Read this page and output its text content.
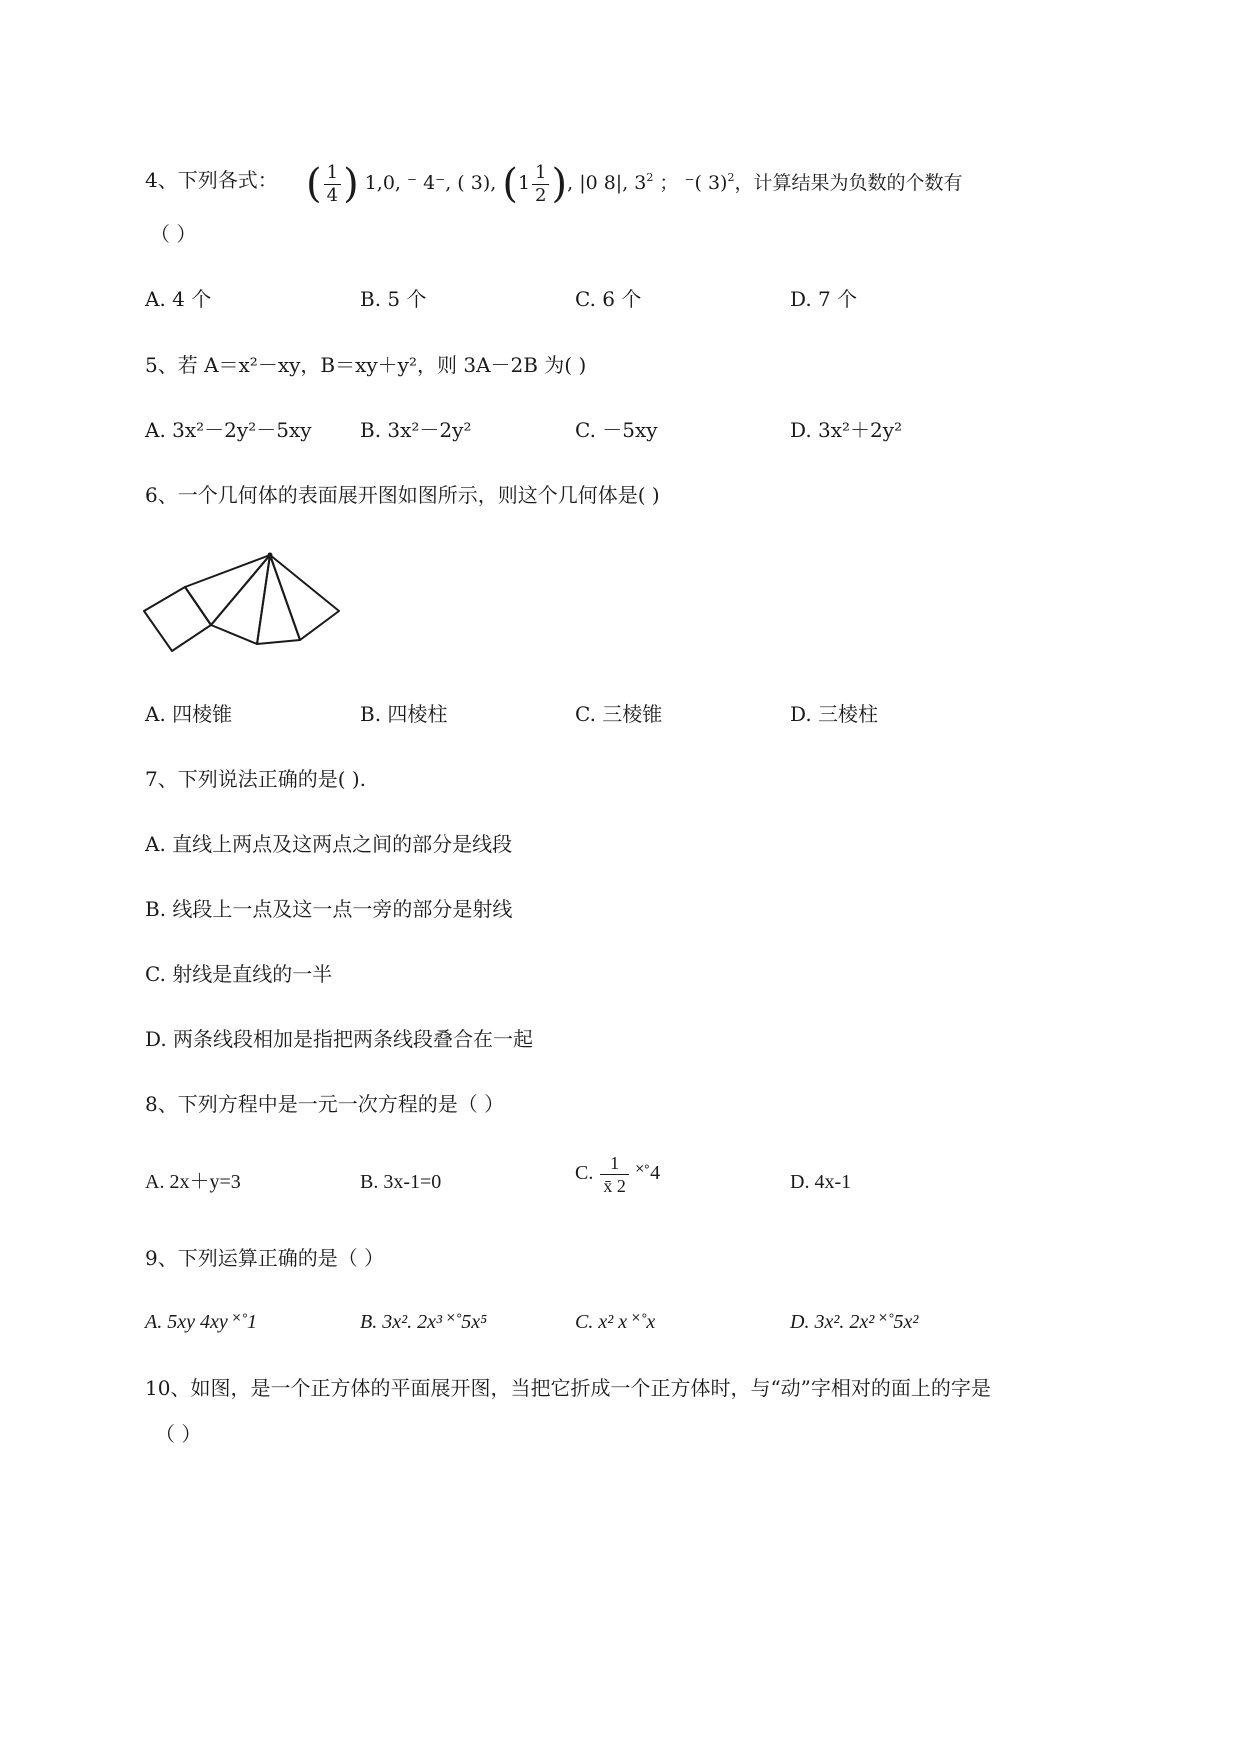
4、下列各式： ( $\frac{1}{4}$ ) 1,0, ⁻ 4⁻, ( 3), ($1 \frac{1}{2}$ ), |0 8|, $3^2$ ； ⁻( 3)$^2$，计算结果为负数的个数有
（ ）
A. 4 个	B. 5 个	C. 6 个	D. 7 个
5、若 A＝x²－xy，B＝xy＋y²，则 3A－2B 为( )
A. 3x²－2y²－5xy B. 3x²－2y²	C. －5xy	D. 3x²＋2y²
6、一个几何体的表面展开图如图所示，则这个几何体是( )
A. 四棱锥	B. 四棱柱	C. 三棱锥	D. 三棱柱
7、下列说法正确的是( ).
A. 直线上两点及这两点之间的部分是线段
B. 线段上一点及这一点一旁的部分是射线
C. 射线是直线的一半
D. 两条线段相加是指把两条线段叠合在一起
8、下列方程中是一元一次方程的是（ ）
A. 2x＋y=3	B. 3x-1=0	C. $\frac{1}{x̄ 2}$ ˟˚4	D. 4x-1
9、下列运算正确的是（ ）
A. 5xy 4xy ˟˚1	B. 3x². 2x³ ˟˚5x⁵	C. x² x ˟˚x	D. 3x². 2x² ˟˚5x²
10、如图，是一个正方体的平面展开图，当把它折成一个正方体时，与“动”字相对的面上的字是
（ ）
